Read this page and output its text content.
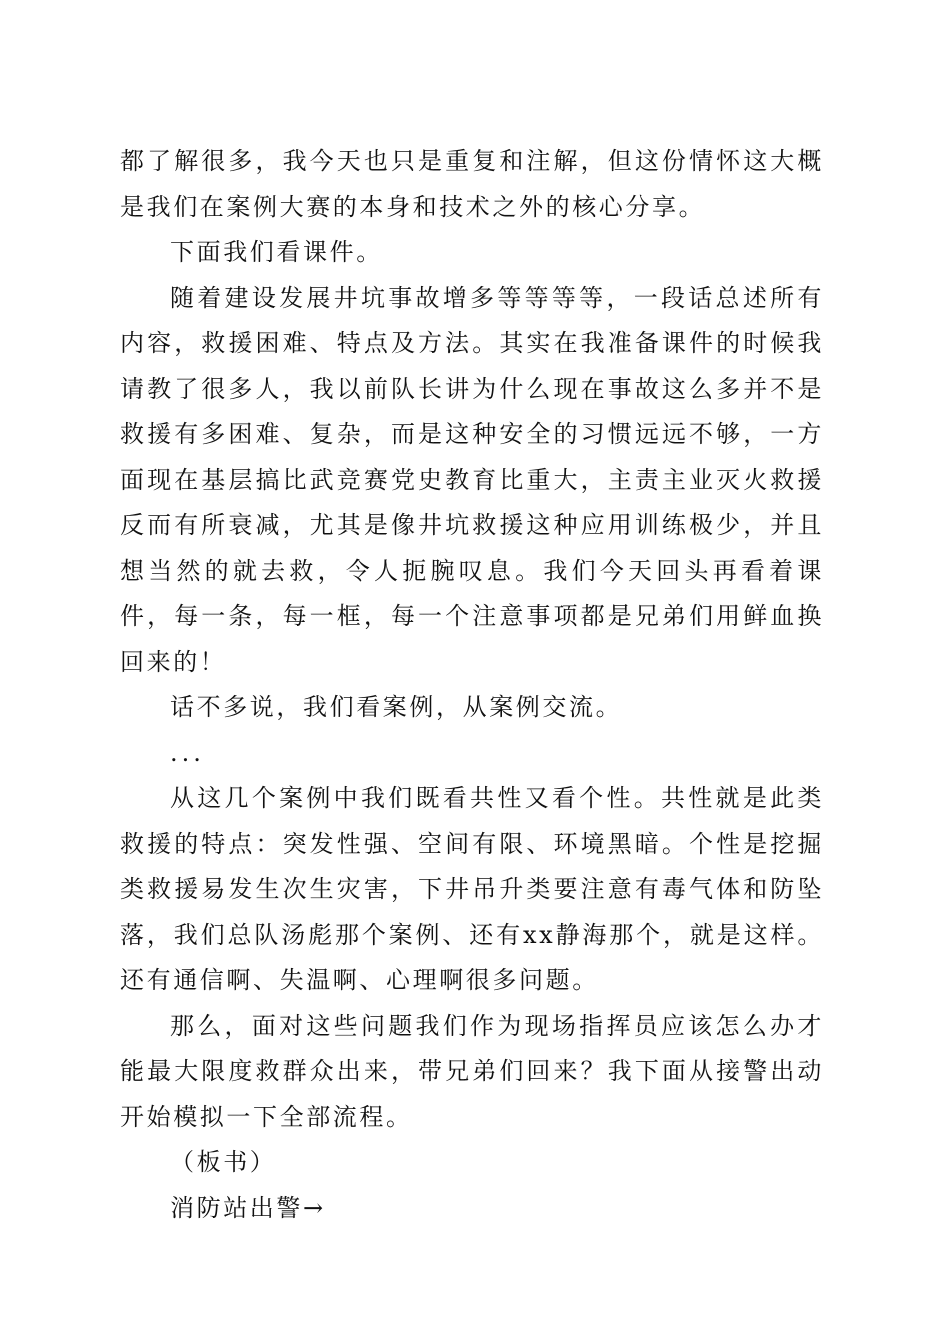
都了解很多，我今天也只是重复和注解，但这份情怀这大概是我们在案例大赛的本身和技术之外的核心分享。

下面我们看课件。

随着建设发展井坑事故增多等等等等，一段话总述所有内容，救援困难、特点及方法。其实在我准备课件的时候我请教了很多人，我以前队长讲为什么现在事故这么多并不是救援有多困难、复杂，而是这种安全的习惯远远不够，一方面现在基层搞比武竞赛党史教育比重大，主责主业灭火救援反而有所衰减，尤其是像井坑救援这种应用训练极少，并且想当然的就去救，令人扼腕叹息。我们今天回头再看着课件，每一条，每一框，每一个注意事项都是兄弟们用鲜血换回来的！

话不多说，我们看案例，从案例交流。

...

从这几个案例中我们既看共性又看个性。共性就是此类救援的特点：突发性强、空间有限、环境黑暗。个性是挖掘类救援易发生次生灾害，下井吊升类要注意有毒气体和防坠落，我们总队汤彪那个案例、还有xx静海那个，就是这样。还有通信啊、失温啊、心理啊很多问题。

那么，面对这些问题我们作为现场指挥员应该怎么办才能最大限度救群众出来，带兄弟们回来？我下面从接警出动开始模拟一下全部流程。

（板书）

消防站出警→
